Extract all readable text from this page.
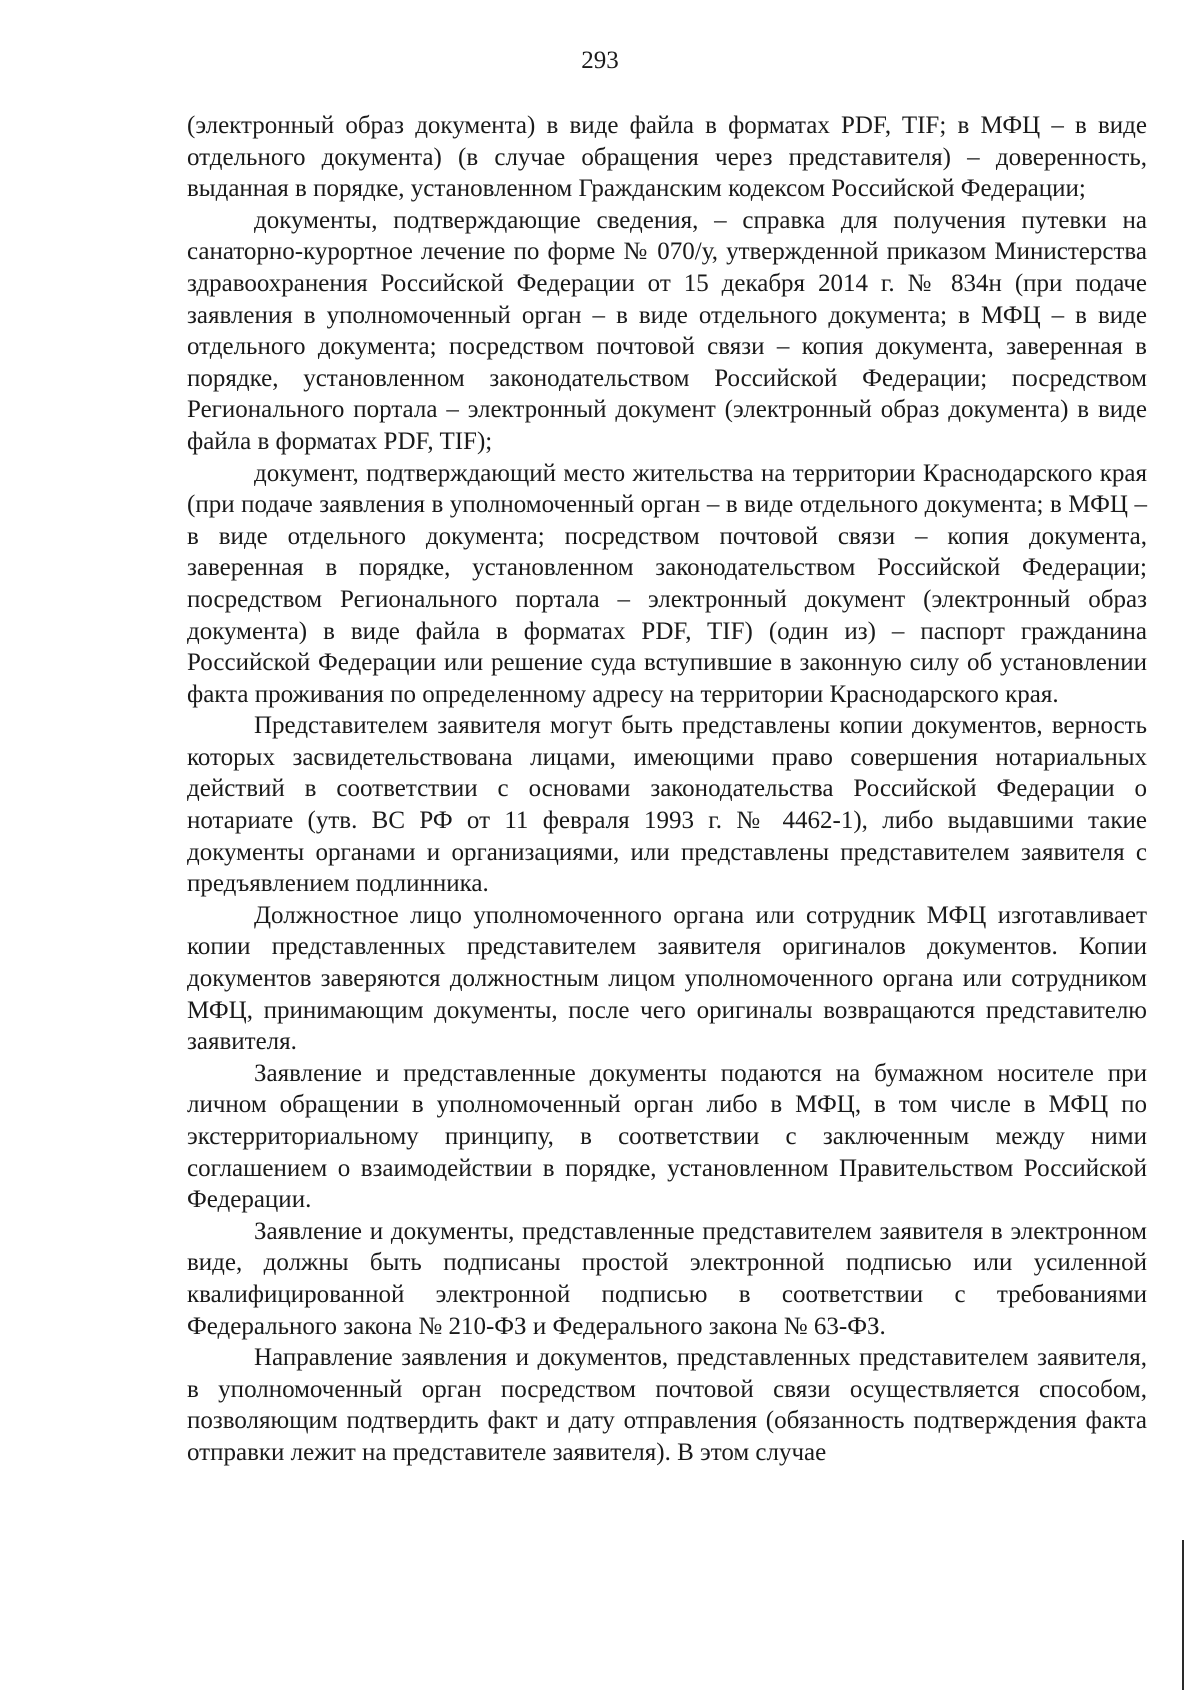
293

(электронный образ документа) в виде файла в форматах PDF, TIF; в МФЦ – в виде отдельного документа) (в случае обращения через представителя) – доверенность, выданная в порядке, установленном Гражданским кодексом Российской Федерации;

документы, подтверждающие сведения, – справка для получения путевки на санаторно-курортное лечение по форме № 070/у, утвержденной приказом Министерства здравоохранения Российской Федерации от 15 декабря 2014 г. № 834н (при подаче заявления в уполномоченный орган – в виде отдельного документа; в МФЦ – в виде отдельного документа; посредством почтовой связи – копия документа, заверенная в порядке, установленном законодательством Российской Федерации; посредством Регионального портала – электронный документ (электронный образ документа) в виде файла в форматах PDF, TIF);

документ, подтверждающий место жительства на территории Краснодарского края (при подаче заявления в уполномоченный орган – в виде отдельного документа; в МФЦ – в виде отдельного документа; посредством почтовой связи – копия документа, заверенная в порядке, установленном законодательством Российской Федерации; посредством Регионального портала – электронный документ (электронный образ документа) в виде файла в форматах PDF, TIF) (один из) – паспорт гражданина Российской Федерации или решение суда вступившие в законную силу об установлении факта проживания по определенному адресу на территории Краснодарского края.

Представителем заявителя могут быть представлены копии документов, верность которых засвидетельствована лицами, имеющими право совершения нотариальных действий в соответствии с основами законодательства Российской Федерации о нотариате (утв. ВС РФ от 11 февраля 1993 г. № 4462-1), либо выдавшими такие документы органами и организациями, или представлены представителем заявителя с предъявлением подлинника.

Должностное лицо уполномоченного органа или сотрудник МФЦ изготавливает копии представленных представителем заявителя оригиналов документов. Копии документов заверяются должностным лицом уполномоченного органа или сотрудником МФЦ, принимающим документы, после чего оригиналы возвращаются представителю заявителя.

Заявление и представленные документы подаются на бумажном носителе при личном обращении в уполномоченный орган либо в МФЦ, в том числе в МФЦ по экстерриториальному принципу, в соответствии с заключенным между ними соглашением о взаимодействии в порядке, установленном Правительством Российской Федерации.

Заявление и документы, представленные представителем заявителя в электронном виде, должны быть подписаны простой электронной подписью или усиленной квалифицированной электронной подписью в соответствии с требованиями Федерального закона № 210-ФЗ и Федерального закона № 63-ФЗ.

Направление заявления и документов, представленных представителем заявителя, в уполномоченный орган посредством почтовой связи осуществляется способом, позволяющим подтвердить факт и дату отправления (обязанность подтверждения факта отправки лежит на представителе заявителя). В этом случае
